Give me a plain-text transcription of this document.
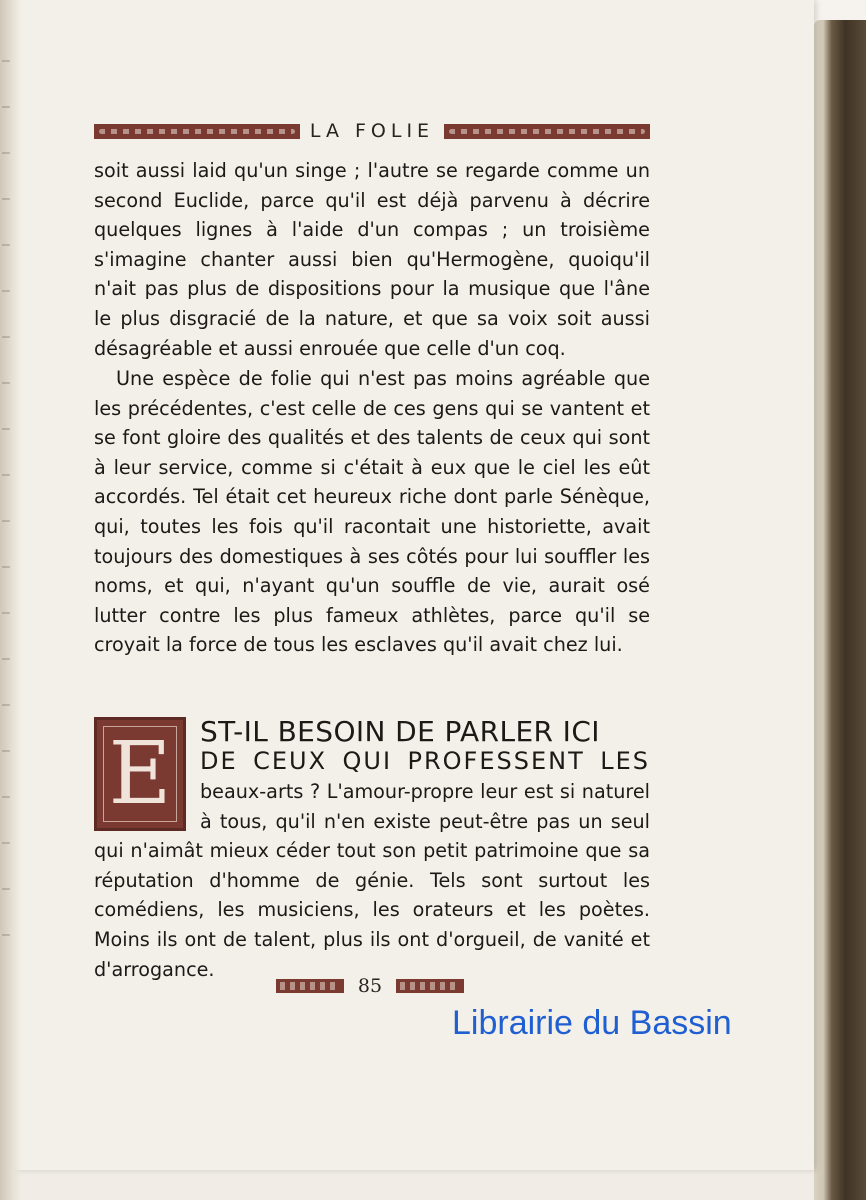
LA FOLIE

soit aussi laid qu'un singe ; l'autre se regarde comme un second Euclide, parce qu'il est déjà parvenu à décrire quelques lignes à l'aide d'un compas ; un troisième s'imagine chanter aussi bien qu'Hermogène, quoiqu'il n'ait pas plus de dispositions pour la musique que l'âne le plus disgracié de la nature, et que sa voix soit aussi désagréable et aussi enrouée que celle d'un coq.

Une espèce de folie qui n'est pas moins agréable que les précédentes, c'est celle de ces gens qui se vantent et se font gloire des qualités et des talents de ceux qui sont à leur service, comme si c'était à eux que le ciel les eût accordés. Tel était cet heureux riche dont parle Sénèque, qui, toutes les fois qu'il racontait une historiette, avait toujours des domestiques à ses côtés pour lui souffler les noms, et qui, n'ayant qu'un souffle de vie, aurait osé lutter contre les plus fameux athlètes, parce qu'il se croyait la force de tous les esclaves qu'il avait chez lui.

E	ST-IL BESOIN DE PARLER ICI

DE CEUX QUI PROFESSENT LES

beaux-arts ? L'amour-propre leur est si naturel à tous, qu'il n'en existe peut-être pas un seul qui n'aimât mieux céder tout son petit patrimoine que sa réputation d'homme de génie. Tels sont surtout les comédiens, les musiciens, les orateurs et les poètes. Moins ils ont de talent, plus ils ont d'orgueil, de vanité et d'arrogance.

85
Librairie du Bassin
